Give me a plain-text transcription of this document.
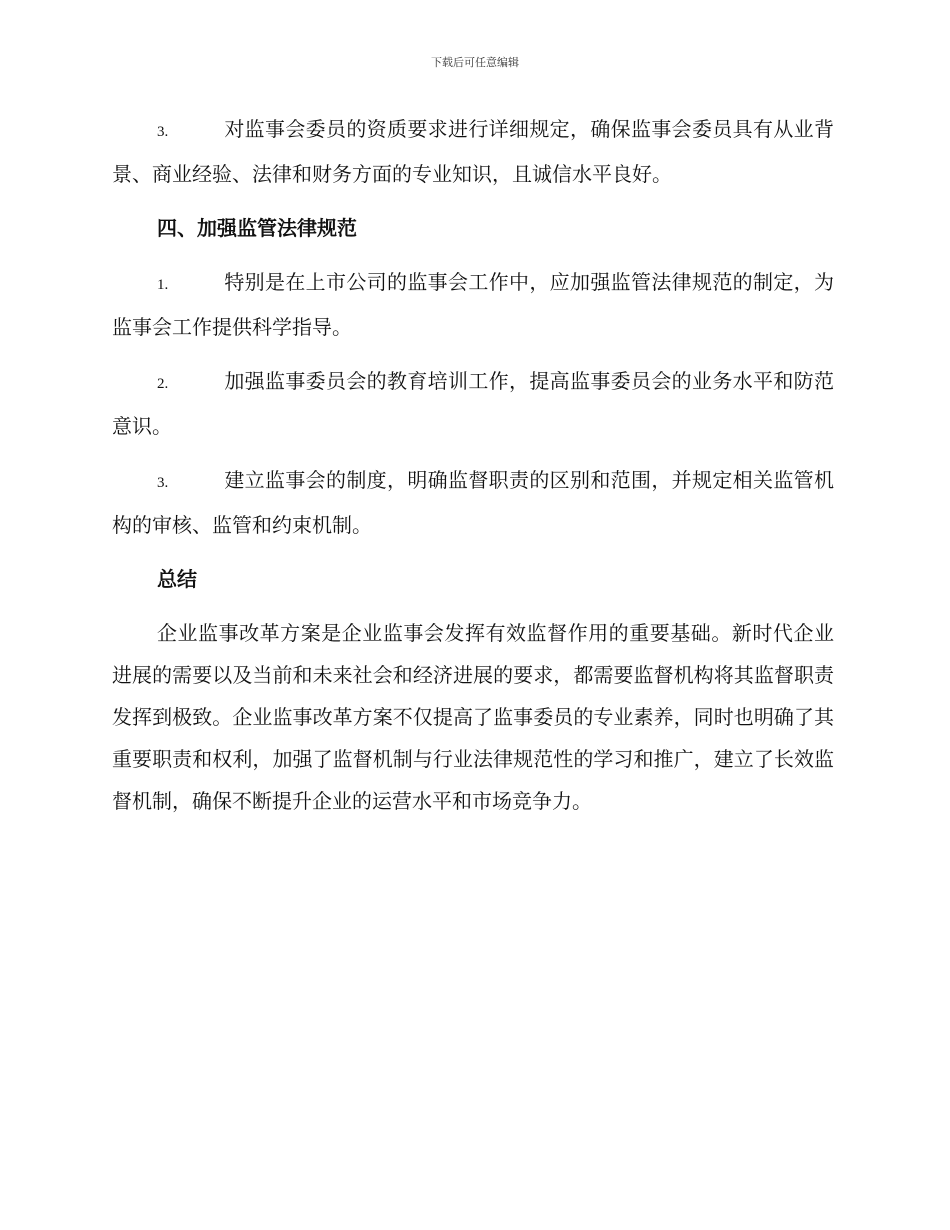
下载后可任意编辑

3.	对监事会委员的资质要求进行详细规定，确保监事会委员具有从业背景、商业经验、法律和财务方面的专业知识，且诚信水平良好。

四、加强监管法律规范

1.	特别是在上市公司的监事会工作中，应加强监管法律规范的制定，为监事会工作提供科学指导。

2.	加强监事委员会的教育培训工作，提高监事委员会的业务水平和防范意识。

3.	建立监事会的制度，明确监督职责的区别和范围，并规定相关监管机构的审核、监管和约束机制。

总结

企业监事改革方案是企业监事会发挥有效监督作用的重要基础。新时代企业进展的需要以及当前和未来社会和经济进展的要求，都需要监督机构将其监督职责发挥到极致。企业监事改革方案不仅提高了监事委员的专业素养，同时也明确了其重要职责和权利，加强了监督机制与行业法律规范性的学习和推广，建立了长效监督机制，确保不断提升企业的运营水平和市场竞争力。
